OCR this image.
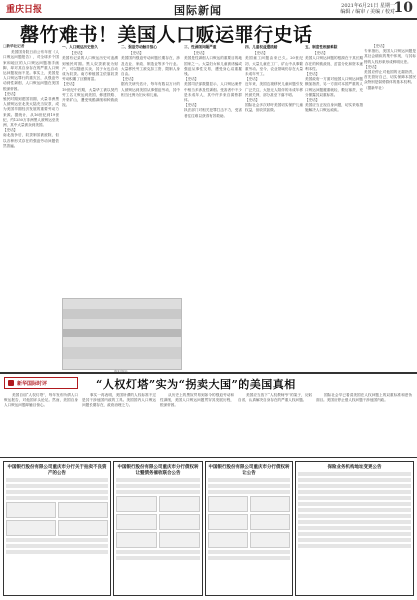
重庆日报	国际新闻	2021年6月21日 星期一
编辑 / 编审 / 美编 / 校对
10
罄竹难书！美国人口贩运罪行史话
□新华社记者

美国国务院日前公布年度《人口贩运问题报告》，对全球多个国家和地区的人口贩运问题指手画脚，却对其自身存在的严重人口贩运问题视而不见。事实上，美国是人口贩运罪行的重灾区，从强迫劳动到性剥削，人口贩运问题在美国根深蒂固。
【史话】
殖民时期到建国初期，大量非洲黑人被贩运至北美大陆充当奴隶，成为美国早期经济发展的重要劳动力来源。据统计，从16世纪到19世纪，约1250万非洲黑人被贩运至美洲，其中大量被卖到美国。
【史话】
南北战争后，奴隶制虽被废除，但以各种形式存在的强迫劳动问题依然普遍。

一、人口贩运历史悠久

【史话】
美国有记录的人口贩运历史可追溯到殖民时期。黑人奴隶被视为财产，可以随意买卖，其子女也自动成为奴隶。南方种植园主依靠奴隶劳动积累了巨额财富。
【史话】
19世纪中后期，大量华工被以契约劳工名义贩运到美国，修建铁路、开采矿山，遭受残酷剥削和种族歧视。

二、强迫劳动触目惊心

【史话】
美国国内强迫劳动问题长期存在，涉及农业、家政、制造业等多个行业。大量移民劳工被克扣工资、限制人身自由。
【史话】
据有关研究估计，每年有数以万计的人被贩运到美国从事强迫劳动，其中相当比例为妇女和儿童。

资料图片
三、性剥削问题严重

【史话】
美国是性剥削人口贩运的重要目的地国家之一。大量妇女和儿童被诱骗或强迫从事性交易，遭受身心双重摧残。
【史话】
美国司法部数据显示，人口贩运案件中相当多涉及性剥削。受害者中不少是未成年人，其中许多来自弱势群体。
【史话】
执法部门对相关犯罪打击不力，受害者往往难以获得有效救助。

四、儿童权益遭践踏

【史话】
美国童工问题由来已久。20世纪初，大量儿童在工厂、矿山中从事繁重劳动。至今，农业领域仍存在大量未成年劳工。
【史话】
近年来，美国边境移民儿童问题引发广泛关注，大批无人陪伴的未成年移民被关押，部分甚至下落不明。
【史话】
国际社会多次呼吁美国切实保护儿童权益，但收效甚微。

五、制度性根源难除

【史话】
美国人口贩运问题的根源在于其长期存在的种族歧视、贫富分化和资本逐利本性。
【史话】
美国政府一方面对他国人口贩运问题横加指责，另一方面对本国严重的人口贩运问题避重就轻、敷衍塞责，充分暴露其双重标准。
【史话】
美国应当正视自身问题，切实采取措施解决人口贩运顽疾。

【史话】
专家指出，美国人口贩运问题是其社会痼疾的集中体现，与其标榜的人权形象形成鲜明反差。
【史话】
美国应停止对他国的无端指责，首先管好自己，切实保障本国民众特别是弱势群体的基本权利。
（据新华社）

新华国际时评	“人权灯塔”实为“拐卖大国”的美国真相

美国自诩“人权灯塔”，每年发布所谓人口贩运报告，对他国评头论足。然而，美国自身人口贩运问题却触目惊心。

事实一再表明，美国所谓的人权标准不过是其干涉他国内政的工具。美国国内人口贩运问题长期存在，政府治理乏力。

从历史上的黑奴贸易到如今的强迫劳动和性剥削，美国人口贩运问题贯穿其发展历程，根深蒂固。

美国应当放下“人权教师爷”的架子，反躬自省，认真解决自身存在的严重人权问题。

国际社会早已看清美国在人权问题上的双重标准和虚伪面目。美国应停止借人权问题干涉他国内政。

中国银行股份有限公司重庆市分行关于拍卖不良资产的公告
中国银行股份有限公司重庆市分行债权转让暨债务催收联合公告
中国银行股份有限公司重庆市分行债权转让公告
保险业务机构地址变更公告
